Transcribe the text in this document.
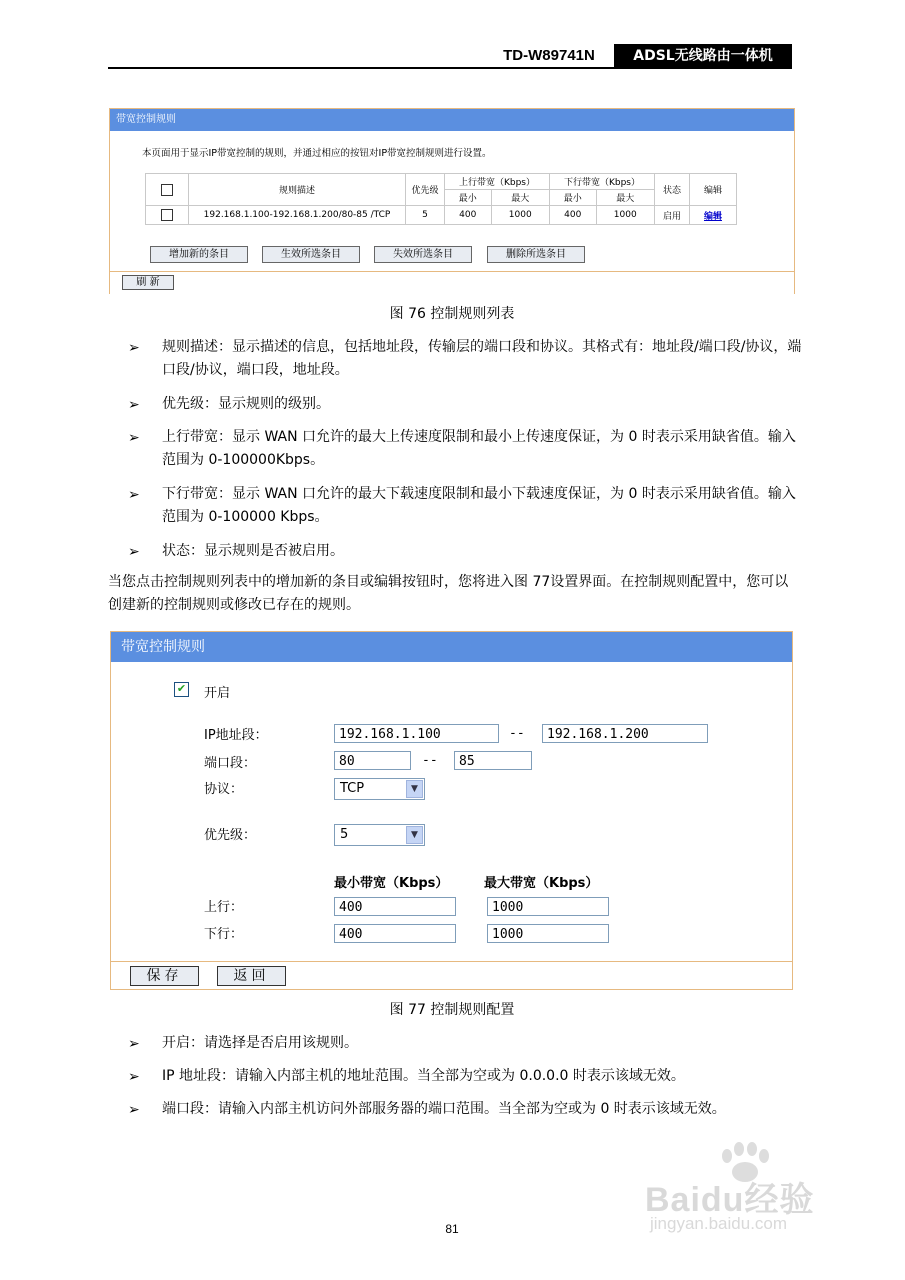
TD-W89741N	ADSL无线路由一体机
带宽控制规则
本页面用于显示IP带宽控制的规则，并通过相应的按钮对IP带宽控制规则进行设置。
	规则描述	优先级	上行带宽（Kbps）		下行带宽（Kbps）		状态	编辑
			最小	最大	最小	最大		
	192.168.1.100-192.168.1.200/80-85 /TCP	5	400	1000	400	1000	启用	编辑
增加新的条目	生效所选条目	失效所选条目	删除所选条目
刷 新
图 76 控制规则列表
➢ 规则描述：显示描述的信息，包括地址段，传输层的端口段和协议。其格式有：地址段/端口段/协议，端口段/协议，端口段，地址段。
➢ 优先级：显示规则的级别。
➢ 上行带宽：显示 WAN 口允许的最大上传速度限制和最小上传速度保证，为 0 时表示采用缺省值。输入范围为 0-100000Kbps。
➢ 下行带宽：显示 WAN 口允许的最大下载速度限制和最小下载速度保证，为 0 时表示采用缺省值。输入范围为 0-100000 Kbps。
➢ 状态：显示规则是否被启用。
当您点击控制规则列表中的增加新的条目或编辑按钮时，您将进入图 77设置界面。在控制规则配置中，您可以创建新的控制规则或修改已存在的规则。
带宽控制规则
✔ 开启
IP地址段：	192.168.1.100	--	192.168.1.200
端口段：	80	--	85
协议：	TCP	▼
优先级：	5	▼
最小带宽（Kbps）	最大带宽（Kbps）
上行：	400	1000
下行：	400	1000
保存	返回
图 77 控制规则配置
➢ 开启：请选择是否启用该规则。
➢ IP 地址段：请输入内部主机的地址范围。当全部为空或为 0.0.0.0 时表示该域无效。
➢ 端口段：请输入内部主机访问外部服务器的端口范围。当全部为空或为 0 时表示该域无效。
Baidu经验
jingyan.baidu.com
81
